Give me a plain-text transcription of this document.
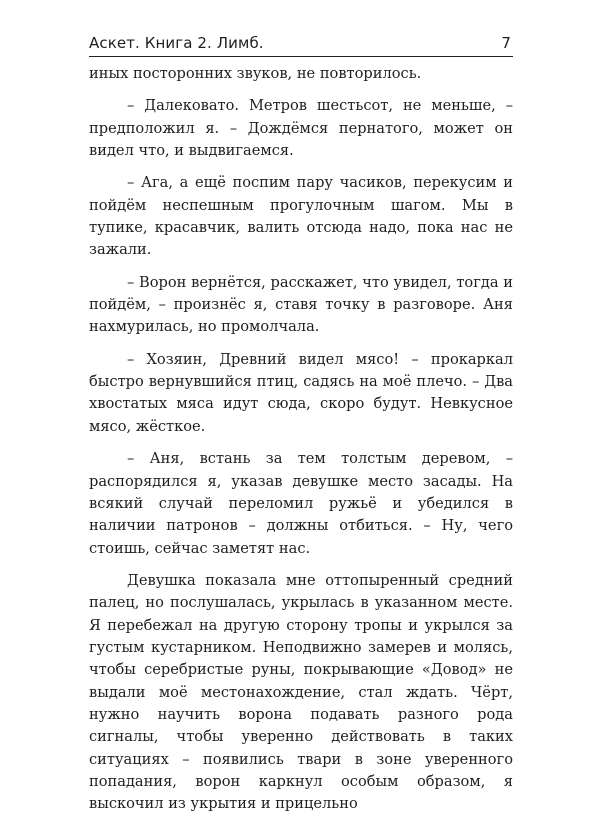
Аскет. Книга 2. Лимб.	7

иных посторонних звуков, не повторилось.

– Далековато. Метров шестьсот, не меньше, – предположил я. – Дождёмся пернатого, может он видел что, и выдвигаемся.

– Ага, а ещё поспим пару часиков, перекусим и пойдём неспешным прогулочным шагом. Мы в тупике, красавчик, валить отсюда надо, пока нас не зажали.

– Ворон вернётся, расскажет, что увидел, тогда и пойдём, – произнёс я, ставя точку в разговоре. Аня нахмурилась, но промолчала.

– Хозяин, Древний видел мясо! – прокаркал быстро вернувшийся птиц, садясь на моё плечо. – Два хвостатых мяса идут сюда, скоро будут. Невкусное мясо, жёсткое.

– Аня, встань за тем толстым деревом, – распорядился я, указав девушке место засады. На всякий случай переломил ружьё и убедился в наличии патронов – должны отбиться. – Ну, чего стоишь, сейчас заметят нас.

Девушка показала мне оттопыренный средний палец, но послушалась, укрылась в указанном месте. Я перебежал на другую сторону тропы и укрылся за густым кустарником. Неподвижно замерев и молясь, чтобы серебристые руны, покрывающие «Довод» не выдали моё местонахождение, стал ждать. Чёрт, нужно научить ворона подавать разного рода сигналы, чтобы уверенно действовать в таких ситуациях – появились твари в зоне уверенного попадания, ворон каркнул особым образом, я выскочил из укрытия и прицельно
